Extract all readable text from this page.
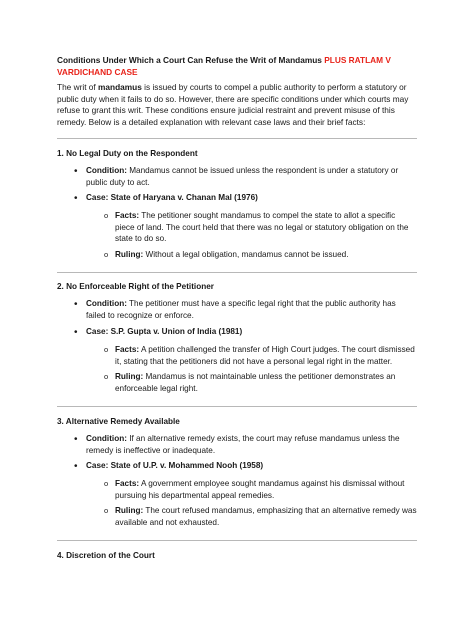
Conditions Under Which a Court Can Refuse the Writ of Mandamus PLUS RATLAM V VARDICHAND CASE
The writ of mandamus is issued by courts to compel a public authority to perform a statutory or public duty when it fails to do so. However, there are specific conditions under which courts may refuse to grant this writ. These conditions ensure judicial restraint and prevent misuse of this remedy. Below is a detailed explanation with relevant case laws and their brief facts:
1. No Legal Duty on the Respondent
• Condition: Mandamus cannot be issued unless the respondent is under a statutory or public duty to act.
• Case: State of Haryana v. Chanan Mal (1976)
o Facts: The petitioner sought mandamus to compel the state to allot a specific piece of land. The court held that there was no legal or statutory obligation on the state to do so.
o Ruling: Without a legal obligation, mandamus cannot be issued.
2. No Enforceable Right of the Petitioner
• Condition: The petitioner must have a specific legal right that the public authority has failed to recognize or enforce.
• Case: S.P. Gupta v. Union of India (1981)
o Facts: A petition challenged the transfer of High Court judges. The court dismissed it, stating that the petitioners did not have a personal legal right in the matter.
o Ruling: Mandamus is not maintainable unless the petitioner demonstrates an enforceable legal right.
3. Alternative Remedy Available
• Condition: If an alternative remedy exists, the court may refuse mandamus unless the remedy is ineffective or inadequate.
• Case: State of U.P. v. Mohammed Nooh (1958)
o Facts: A government employee sought mandamus against his dismissal without pursuing his departmental appeal remedies.
o Ruling: The court refused mandamus, emphasizing that an alternative remedy was available and not exhausted.
4. Discretion of the Court
